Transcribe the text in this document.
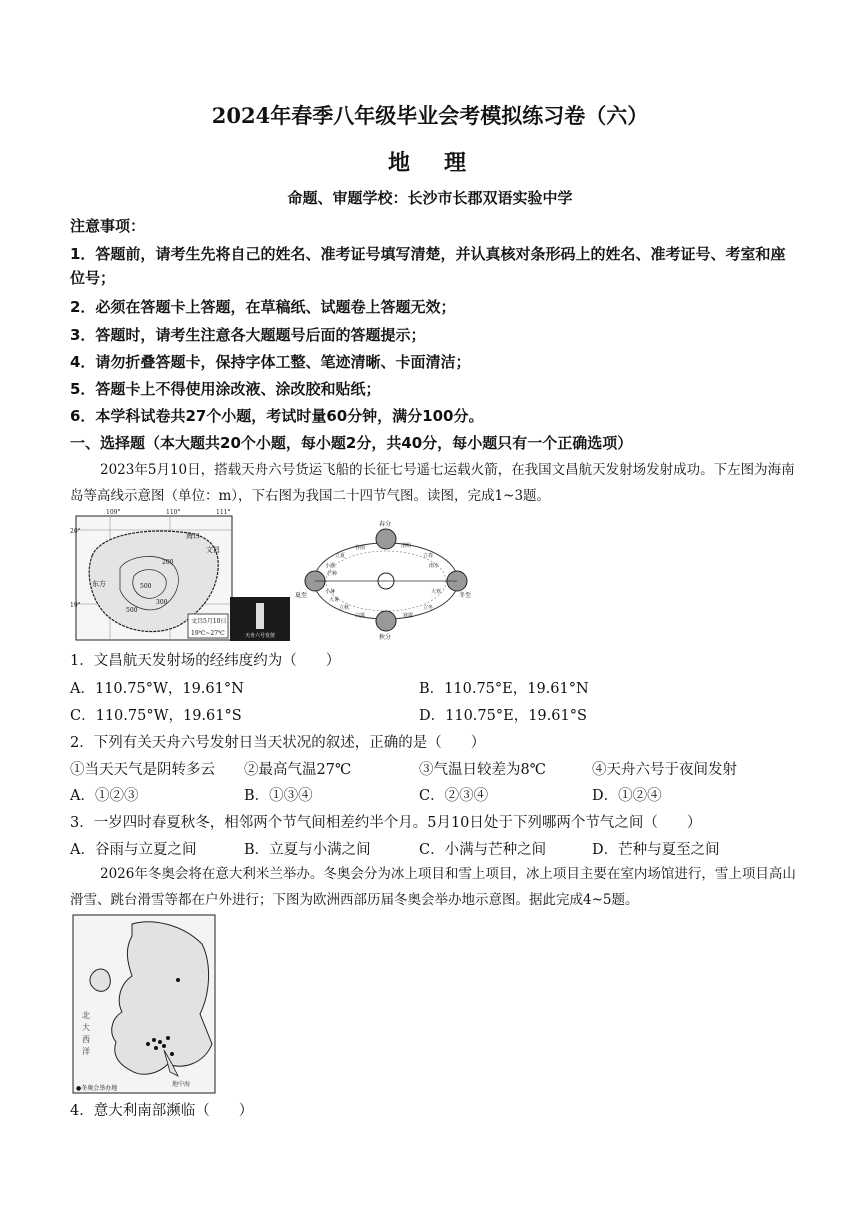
2024年春季八年级毕业会考模拟练习卷（六）
地　理
命题、审题学校：长沙市长郡双语实验中学
注意事项：
1．答题前，请考生先将自己的姓名、准考证号填写清楚，并认真核对条形码上的姓名、准考证号、考室和座位号；
2．必须在答题卡上答题，在草稿纸、试题卷上答题无效；
3．答题时，请考生注意各大题题号后面的答题提示；
4．请勿折叠答题卡，保持字体工整、笔迹清晰、卡面清洁；
5．答题卡上不得使用涂改液、涂改胶和贴纸；
6．本学科试卷共27个小题，考试时量60分钟，满分100分。
一、选择题（本大题共20个小题，每小题2分，共40分，每小题只有一个正确选项）
2023年5月10日，搭载天舟六号货运飞船的长征七号遥七运载火箭，在我国文昌航天发射场发射成功。下左图为海南岛等高线示意图（单位：m），下右图为我国二十四节气图。读图，完成1~3题。
109°	110°	111°
20°
19°
海口
文昌
东方
200
500
300
500
文昌5月10日
19℃~27℃	天舟六号发射
春分
夏至
秋分
冬至
立夏
立冬
立秋
立春
小满
芒种
小暑
大暑
白露	寒露
谷雨	清明
雨水
大寒
1．文昌航天发射场的经纬度约为（　　）
A．110.75°W，19.61°N	B．110.75°E，19.61°N
C．110.75°W，19.61°S	D．110.75°E，19.61°S
2．下列有关天舟六号发射日当天状况的叙述，正确的是（　　）
①当天天气是阴转多云 ②最高气温27℃	③气温日较差为8℃	④天舟六号于夜间发射
A．①②③	B．①③④	C．②③④	D．①②④
3．一岁四时春夏秋冬，相邻两个节气间相差约半个月。5月10日处于下列哪两个节气之间（　　）
A．谷雨与立夏之间	B．立夏与小满之间	C．小满与芒种之间	D．芒种与夏至之间
2026年冬奥会将在意大利米兰举办。冬奥会分为冰上项目和雪上项目，冰上项目主要在室内场馆进行，雪上项目高山滑雪、跳台滑雪等都在户外进行；下图为欧洲西部历届冬奥会举办地示意图。据此完成4~5题。
北
大
西
洋
地中海
●冬奥会举办地
4．意大利南部濒临（　　）
